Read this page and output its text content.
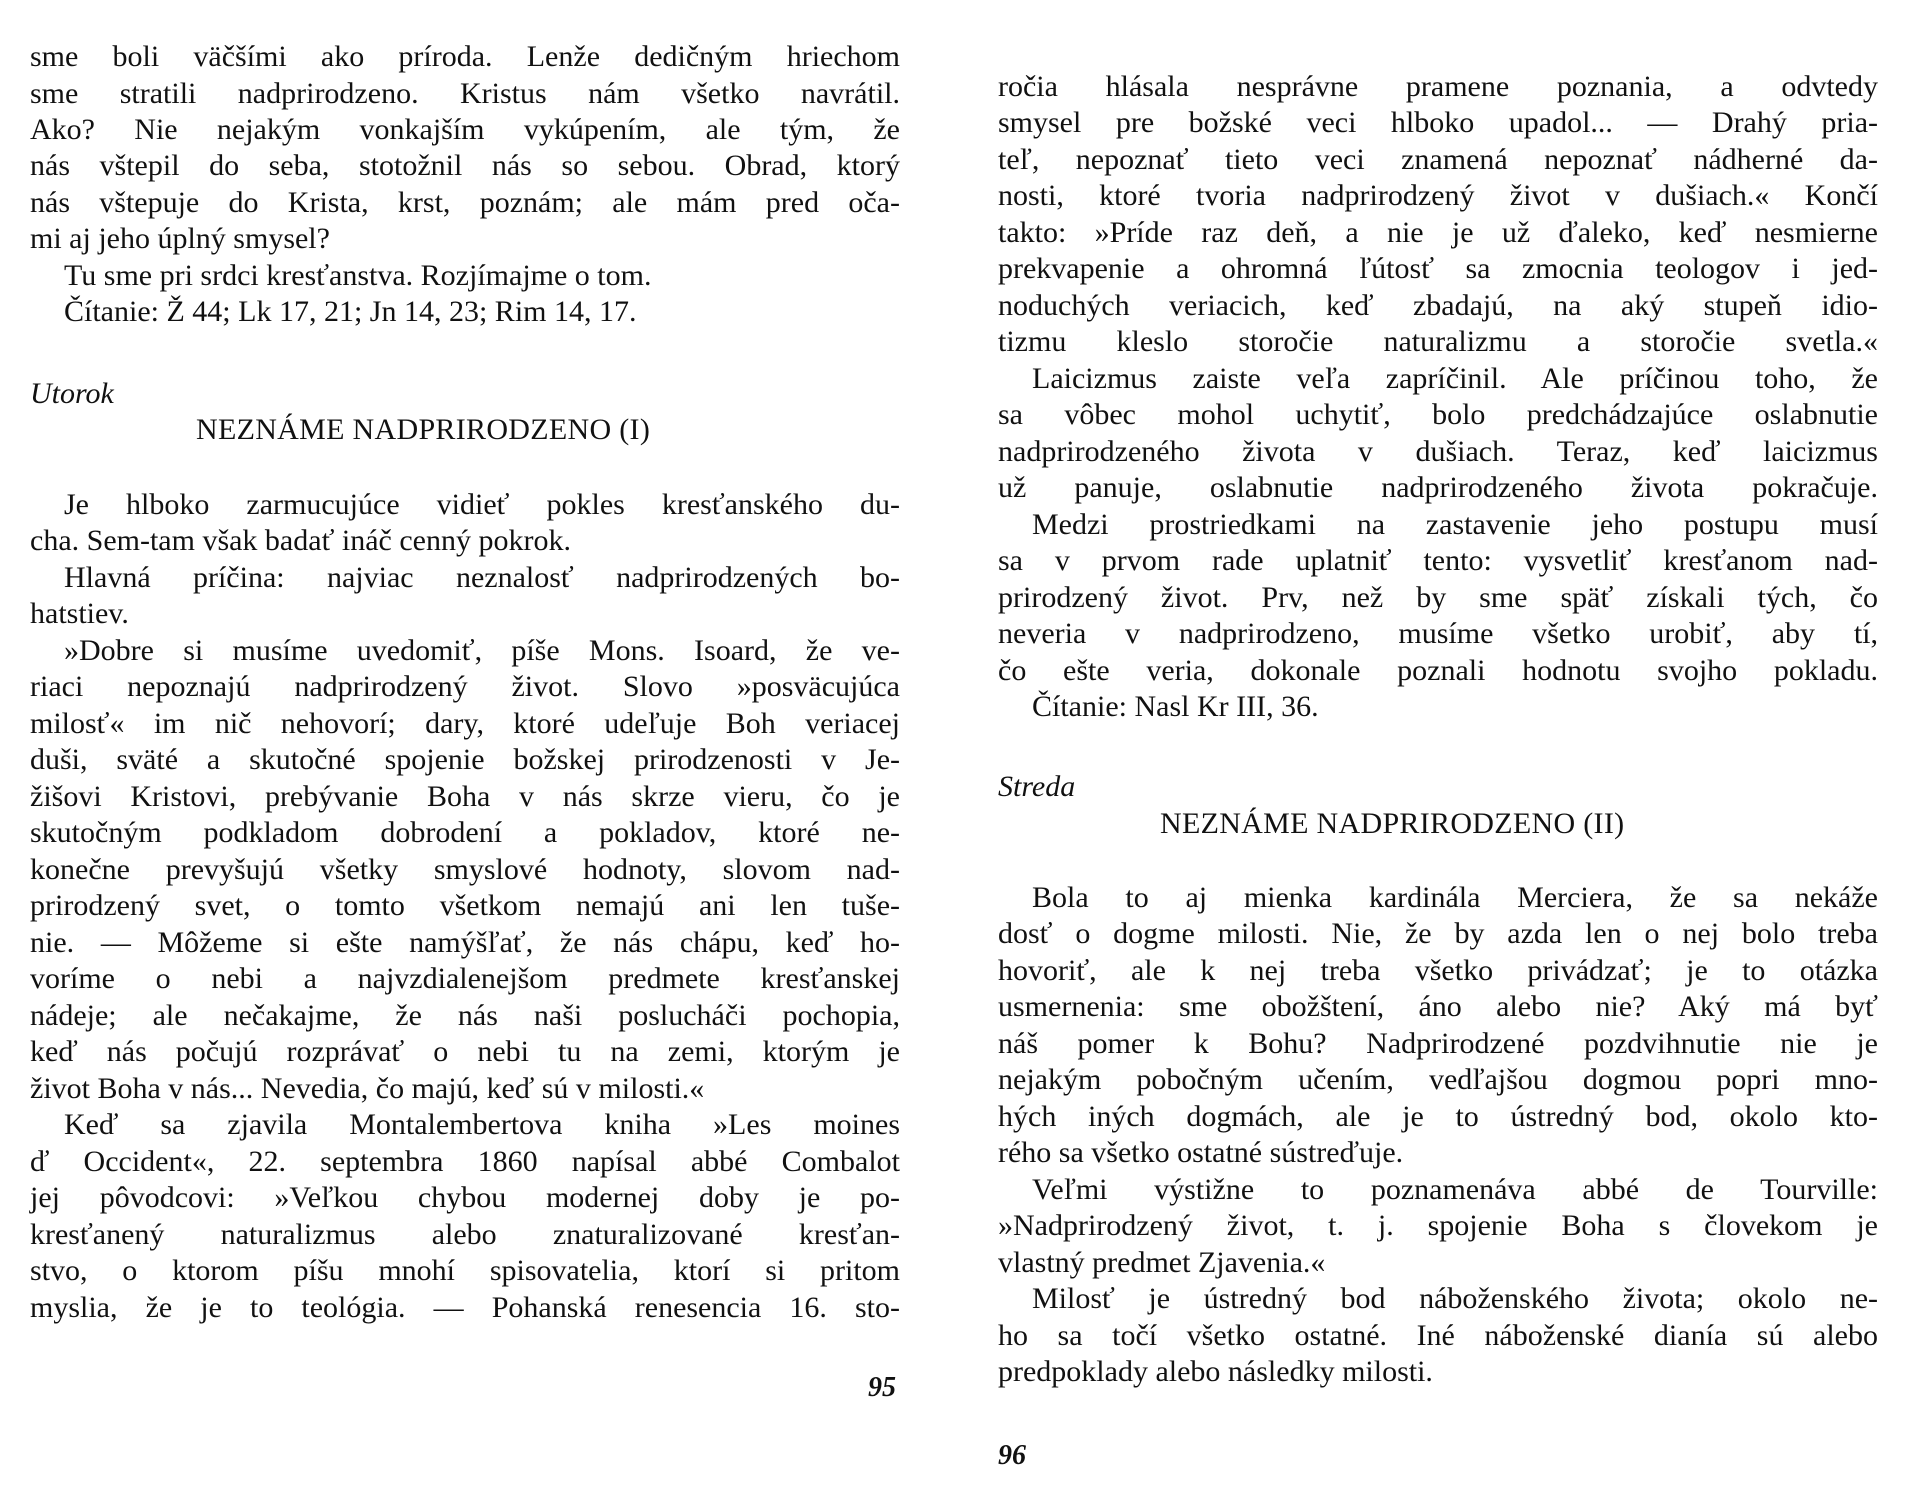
sme boli väčšími ako príroda. Lenže dedičným hriechom
sme stratili nadprirodzeno. Kristus nám všetko navrátil.
Ako? Nie nejakým vonkajším vykúpením, ale tým, že
nás vštepil do seba, stotožnil nás so sebou. Obrad, ktorý
nás vštepuje do Krista, krst, poznám; ale mám pred oča-
mi aj jeho úplný smysel?
Tu sme pri srdci kresťanstva. Rozjímajme o tom.
Čítanie: Ž 44; Lk 17, 21; Jn 14, 23; Rim 14, 17.
Utorok
NEZNÁME NADPRIRODZENO (I)
Je hlboko zarmucujúce vidieť pokles kresťanského du-
cha. Sem-tam však badať ináč cenný pokrok.
Hlavná príčina: najviac neznalosť nadprirodzených bo-
hatstiev.
»Dobre si musíme uvedomiť, píše Mons. Isoard, že ve-
riaci nepoznajú nadprirodzený život. Slovo »posväcujúca
milosť« im nič nehovorí; dary, ktoré udeľuje Boh veriacej
duši, sväté a skutočné spojenie božskej prirodzenosti v Je-
žišovi Kristovi, prebývanie Boha v nás skrze vieru, čo je
skutočným podkladom dobrodení a pokladov, ktoré ne-
konečne prevyšujú všetky smyslové hodnoty, slovom nad-
prirodzený svet, o tomto všetkom nemajú ani len tuše-
nie. — Môžeme si ešte namýšľať, že nás chápu, keď ho-
voríme o nebi a najvzdialenejšom predmete kresťanskej
nádeje; ale nečakajme, že nás naši poslucháči pochopia,
keď nás počujú rozprávať o nebi tu na zemi, ktorým je
život Boha v nás... Nevedia, čo majú, keď sú v milosti.«
Keď sa zjavila Montalembertova kniha »Les moines
ď Occident«, 22. septembra 1860 napísal abbé Combalot
jej pôvodcovi: »Veľkou chybou modernej doby je po-
kresťanený naturalizmus alebo znaturalizované kresťan-
stvo, o ktorom píšu mnohí spisovatelia, ktorí si pritom
myslia, že je to teológia. — Pohanská renesencia 16. sto-
95
ročia hlásala nesprávne pramene poznania, a odvtedy
smysel pre božské veci hlboko upadol... — Drahý pria-
teľ, nepoznať tieto veci znamená nepoznať nádherné da-
nosti, ktoré tvoria nadprirodzený život v dušiach.« Končí
takto: »Príde raz deň, a nie je už ďaleko, keď nesmierne
prekvapenie a ohromná ľútosť sa zmocnia teologov i jed-
noduchých veriacich, keď zbadajú, na aký stupeň idio-
tizmu kleslo storočie naturalizmu a storočie svetla.«
Laicizmus zaiste veľa zapríčinil. Ale príčinou toho, že
sa vôbec mohol uchytiť, bolo predchádzajúce oslabnutie
nadprirodzeného života v dušiach. Teraz, keď laicizmus
už panuje, oslabnutie nadprirodzeného života pokračuje.
Medzi prostriedkami na zastavenie jeho postupu musí
sa v prvom rade uplatniť tento: vysvetliť kresťanom nad-
prirodzený život. Prv, než by sme späť získali tých, čo
neveria v nadprirodzeno, musíme všetko urobiť, aby tí,
čo ešte veria, dokonale poznali hodnotu svojho pokladu.
Čítanie: Nasl Kr III, 36.
Streda
NEZNÁME NADPRIRODZENO (II)
Bola to aj mienka kardinála Merciera, že sa nekáže
dosť o dogme milosti. Nie, že by azda len o nej bolo treba
hovoriť, ale k nej treba všetko privádzať; je to otázka
usmernenia: sme obožštení, áno alebo nie? Aký má byť
náš pomer k Bohu? Nadprirodzené pozdvihnutie nie je
nejakým pobočným učením, vedľajšou dogmou popri mno-
hých iných dogmách, ale je to ústredný bod, okolo kto-
rého sa všetko ostatné sústreďuje.
Veľmi výstižne to poznamenáva abbé de Tourville:
»Nadprirodzený život, t. j. spojenie Boha s človekom je
vlastný predmet Zjavenia.«
Milosť je ústredný bod náboženského života; okolo ne-
ho sa točí všetko ostatné. Iné náboženské dianía sú alebo
predpoklady alebo následky milosti.
96
